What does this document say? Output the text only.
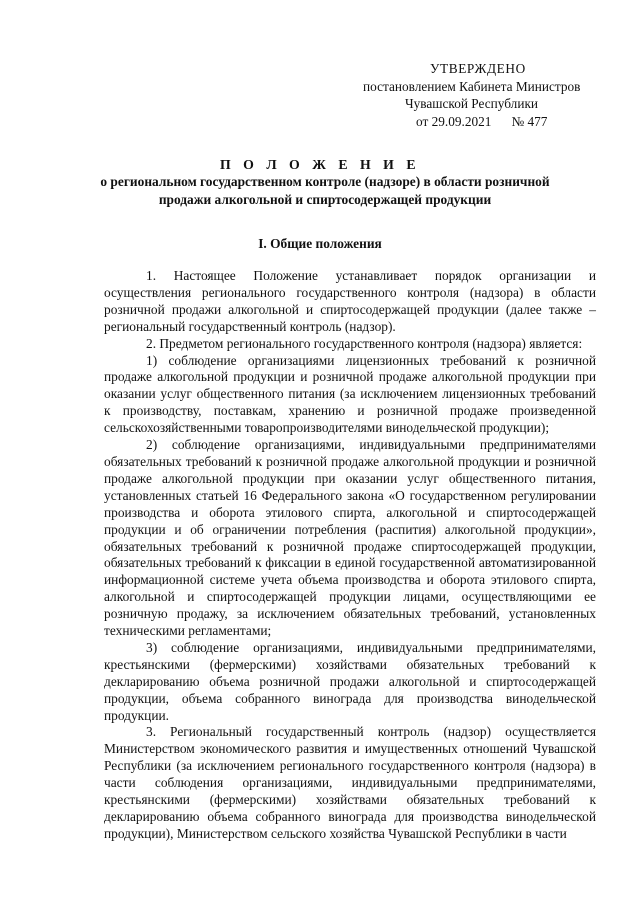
УТВЕРЖДЕНО
постановлением Кабинета Министров
Чувашской Республики
от 29.09.2021 № 477
П О Л О Ж Е Н И Е
о региональном государственном контроле (надзоре) в области розничной продажи алкогольной и спиртосодержащей продукции
I. Общие положения

1. Настоящее Положение устанавливает порядок организации и осуществления регионального государственного контроля (надзора) в области розничной продажи алкогольной и спиртосодержащей продукции (далее также – региональный государственный контроль (надзор).

2. Предметом регионального государственного контроля (надзора) является:

1) соблюдение организациями лицензионных требований к розничной продаже алкогольной продукции и розничной продаже алкогольной продукции при оказании услуг общественного питания (за исключением лицензионных требований к производству, поставкам, хранению и розничной продаже произведенной сельскохозяйственными товаропроизводителями винодельческой продукции);

2) соблюдение организациями, индивидуальными предпринимателями обязательных требований к розничной продаже алкогольной продукции и розничной продаже алкогольной продукции при оказании услуг общественного питания, установленных статьей 16 Федерального закона «О государственном регулировании производства и оборота этилового спирта, алкогольной и спиртосодержащей продукции и об ограничении потребления (распития) алкогольной продукции», обязательных требований к розничной продаже спиртосодержащей продукции, обязательных требований к фиксации в единой государственной автоматизированной информационной системе учета объема производства и оборота этилового спирта, алкогольной и спиртосодержащей продукции лицами, осуществляющими ее розничную продажу, за исключением обязательных требований, установленных техническими регламентами;

3) соблюдение организациями, индивидуальными предпринимателями, крестьянскими (фермерскими) хозяйствами обязательных требований к декларированию объема розничной продажи алкогольной и спиртосодержащей продукции, объема собранного винограда для производства винодельческой продукции.

3. Региональный государственный контроль (надзор) осуществляется Министерством экономического развития и имущественных отношений Чувашской Республики (за исключением регионального государственного контроля (надзора) в части соблюдения организациями, индивидуальными предпринимателями, крестьянскими (фермерскими) хозяйствами обязательных требований к декларированию объема собранного винограда для производства винодельческой продукции), Министерством сельского хозяйства Чувашской Республики в части
